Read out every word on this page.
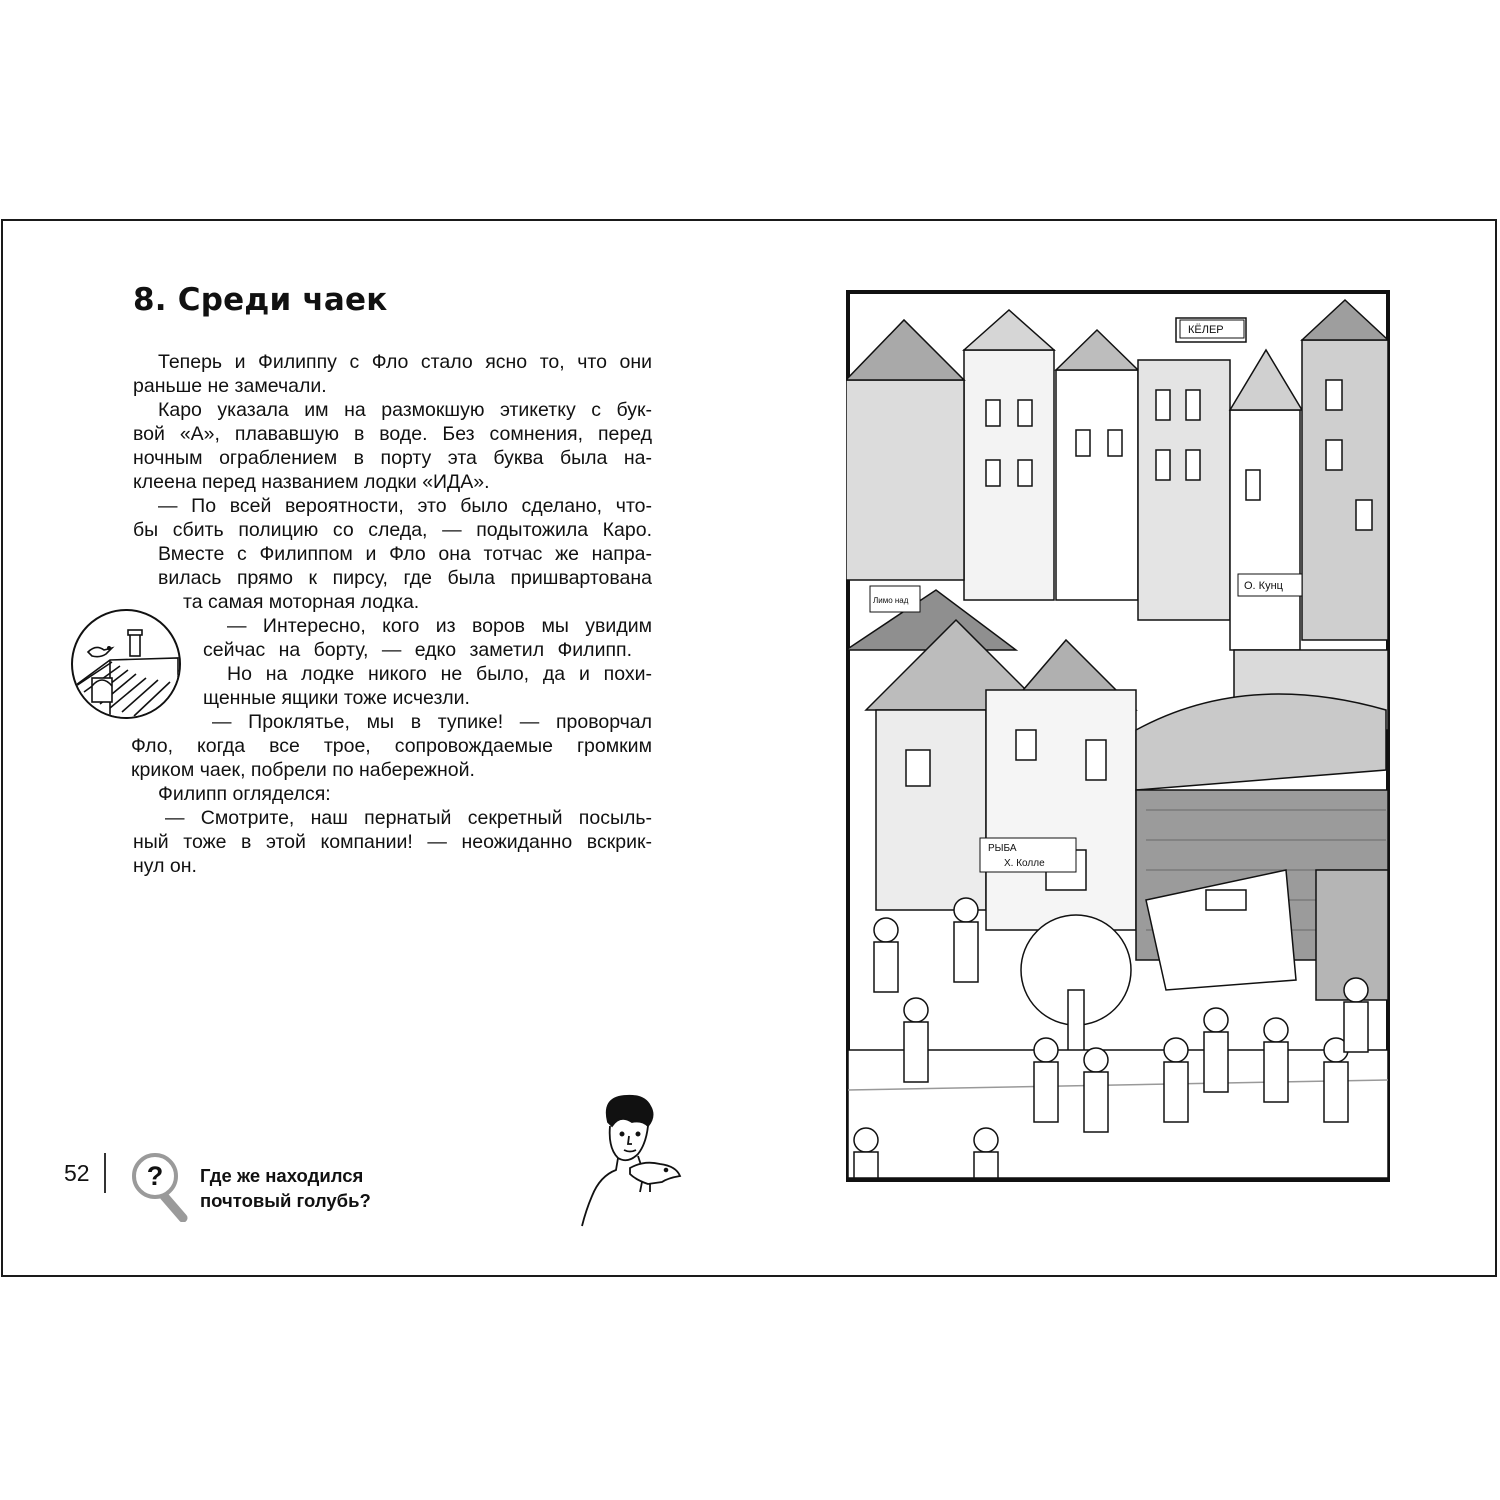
8. Среди чаек
Теперь и Филиппу с Фло стало ясно то, что они
раньше не замечали.
Каро указала им на размокшую этикетку с бук-
вой «А», плававшую в воде. Без сомнения, перед
ночным ограблением в порту эта буква была на-
клеена перед названием лодки «ИДА».
— По всей вероятности, это было сделано, что-
бы сбить полицию со следа, — подытожила Каро.
Вместе с Филиппом и Фло она тотчас же напра-
вилась прямо к пирсу, где была пришвартована
та самая моторная лодка.
— Интересно, кого из воров мы увидим
сейчас на борту, — едко заметил Филипп.
Но на лодке никого не было, да и похи-
щенные ящики тоже исчезли.
— Проклятье, мы в тупике! — проворчал
Фло, когда все трое, сопровождаемые громким
криком чаек, побрели по набережной.
Филипп огляделся:
— Смотрите, наш пернатый секретный посыль-
ный тоже в этой компании! — неожиданно вскрик-
нул он.
КЁЛЕР
О. Кунц
РЫБА
Х. Колле
Лимо над
52 ? Где же находился
почтовый голубь?
